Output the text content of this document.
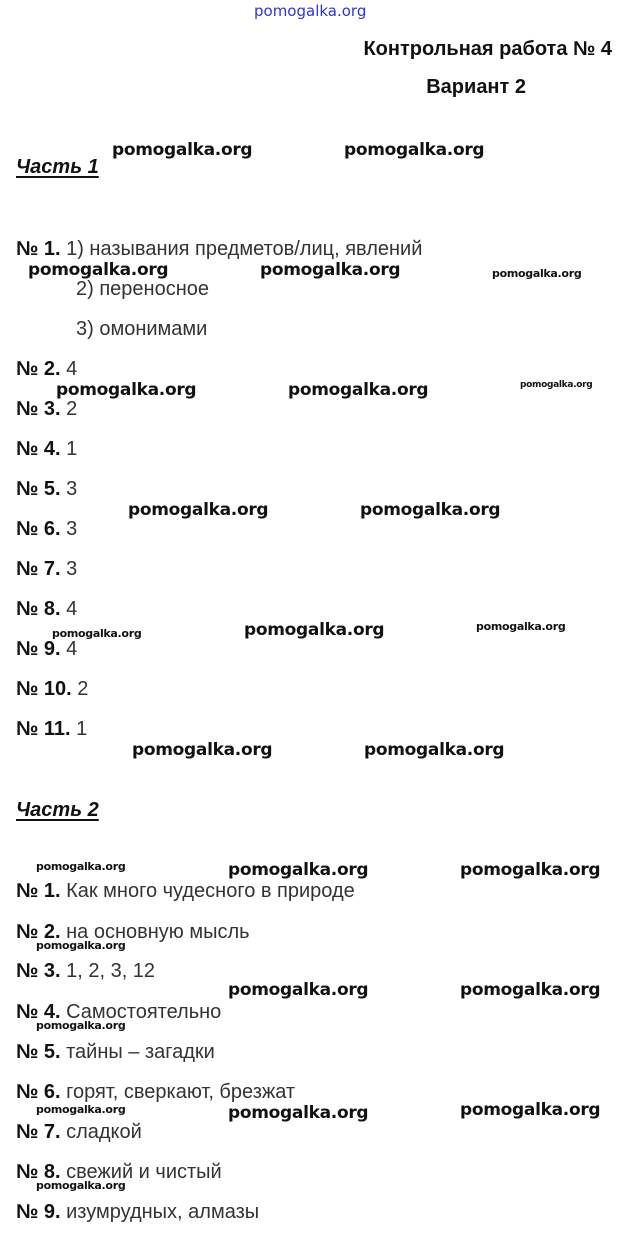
pomogalka.org
Контрольная работа № 4
Вариант 2
Часть 1
№ 1. 1) называния предметов/лиц, явлений
2) переносное
3) омонимами
№ 2. 4
№ 3. 2
№ 4. 1
№ 5. 3
№ 6. 3
№ 7. 3
№ 8. 4
№ 9. 4
№ 10. 2
№ 11. 1
Часть 2
№ 1. Как много чудесного в природе
№ 2. на основную мысль
№ 3. 1, 2, 3, 12
№ 4. Самостоятельно
№ 5. тайны – загадки
№ 6. горят, сверкают, брезжат
№ 7. сладкой
№ 8. свежий и чистый
№ 9. изумрудных, алмазы
pomogalka.org	pomogalka.org
pomogalka.org	pomogalka.org	pomogalka.org
pomogalka.org	pomogalka.org	pomogalka.org
pomogalka.org	pomogalka.org
pomogalka.org	pomogalka.org	pomogalka.org
pomogalka.org	pomogalka.org
pomogalka.org	pomogalka.org	pomogalka.org
pomogalka.org
pomogalka.org	pomogalka.org
pomogalka.org
pomogalka.org	pomogalka.org	pomogalka.org
pomogalka.org
